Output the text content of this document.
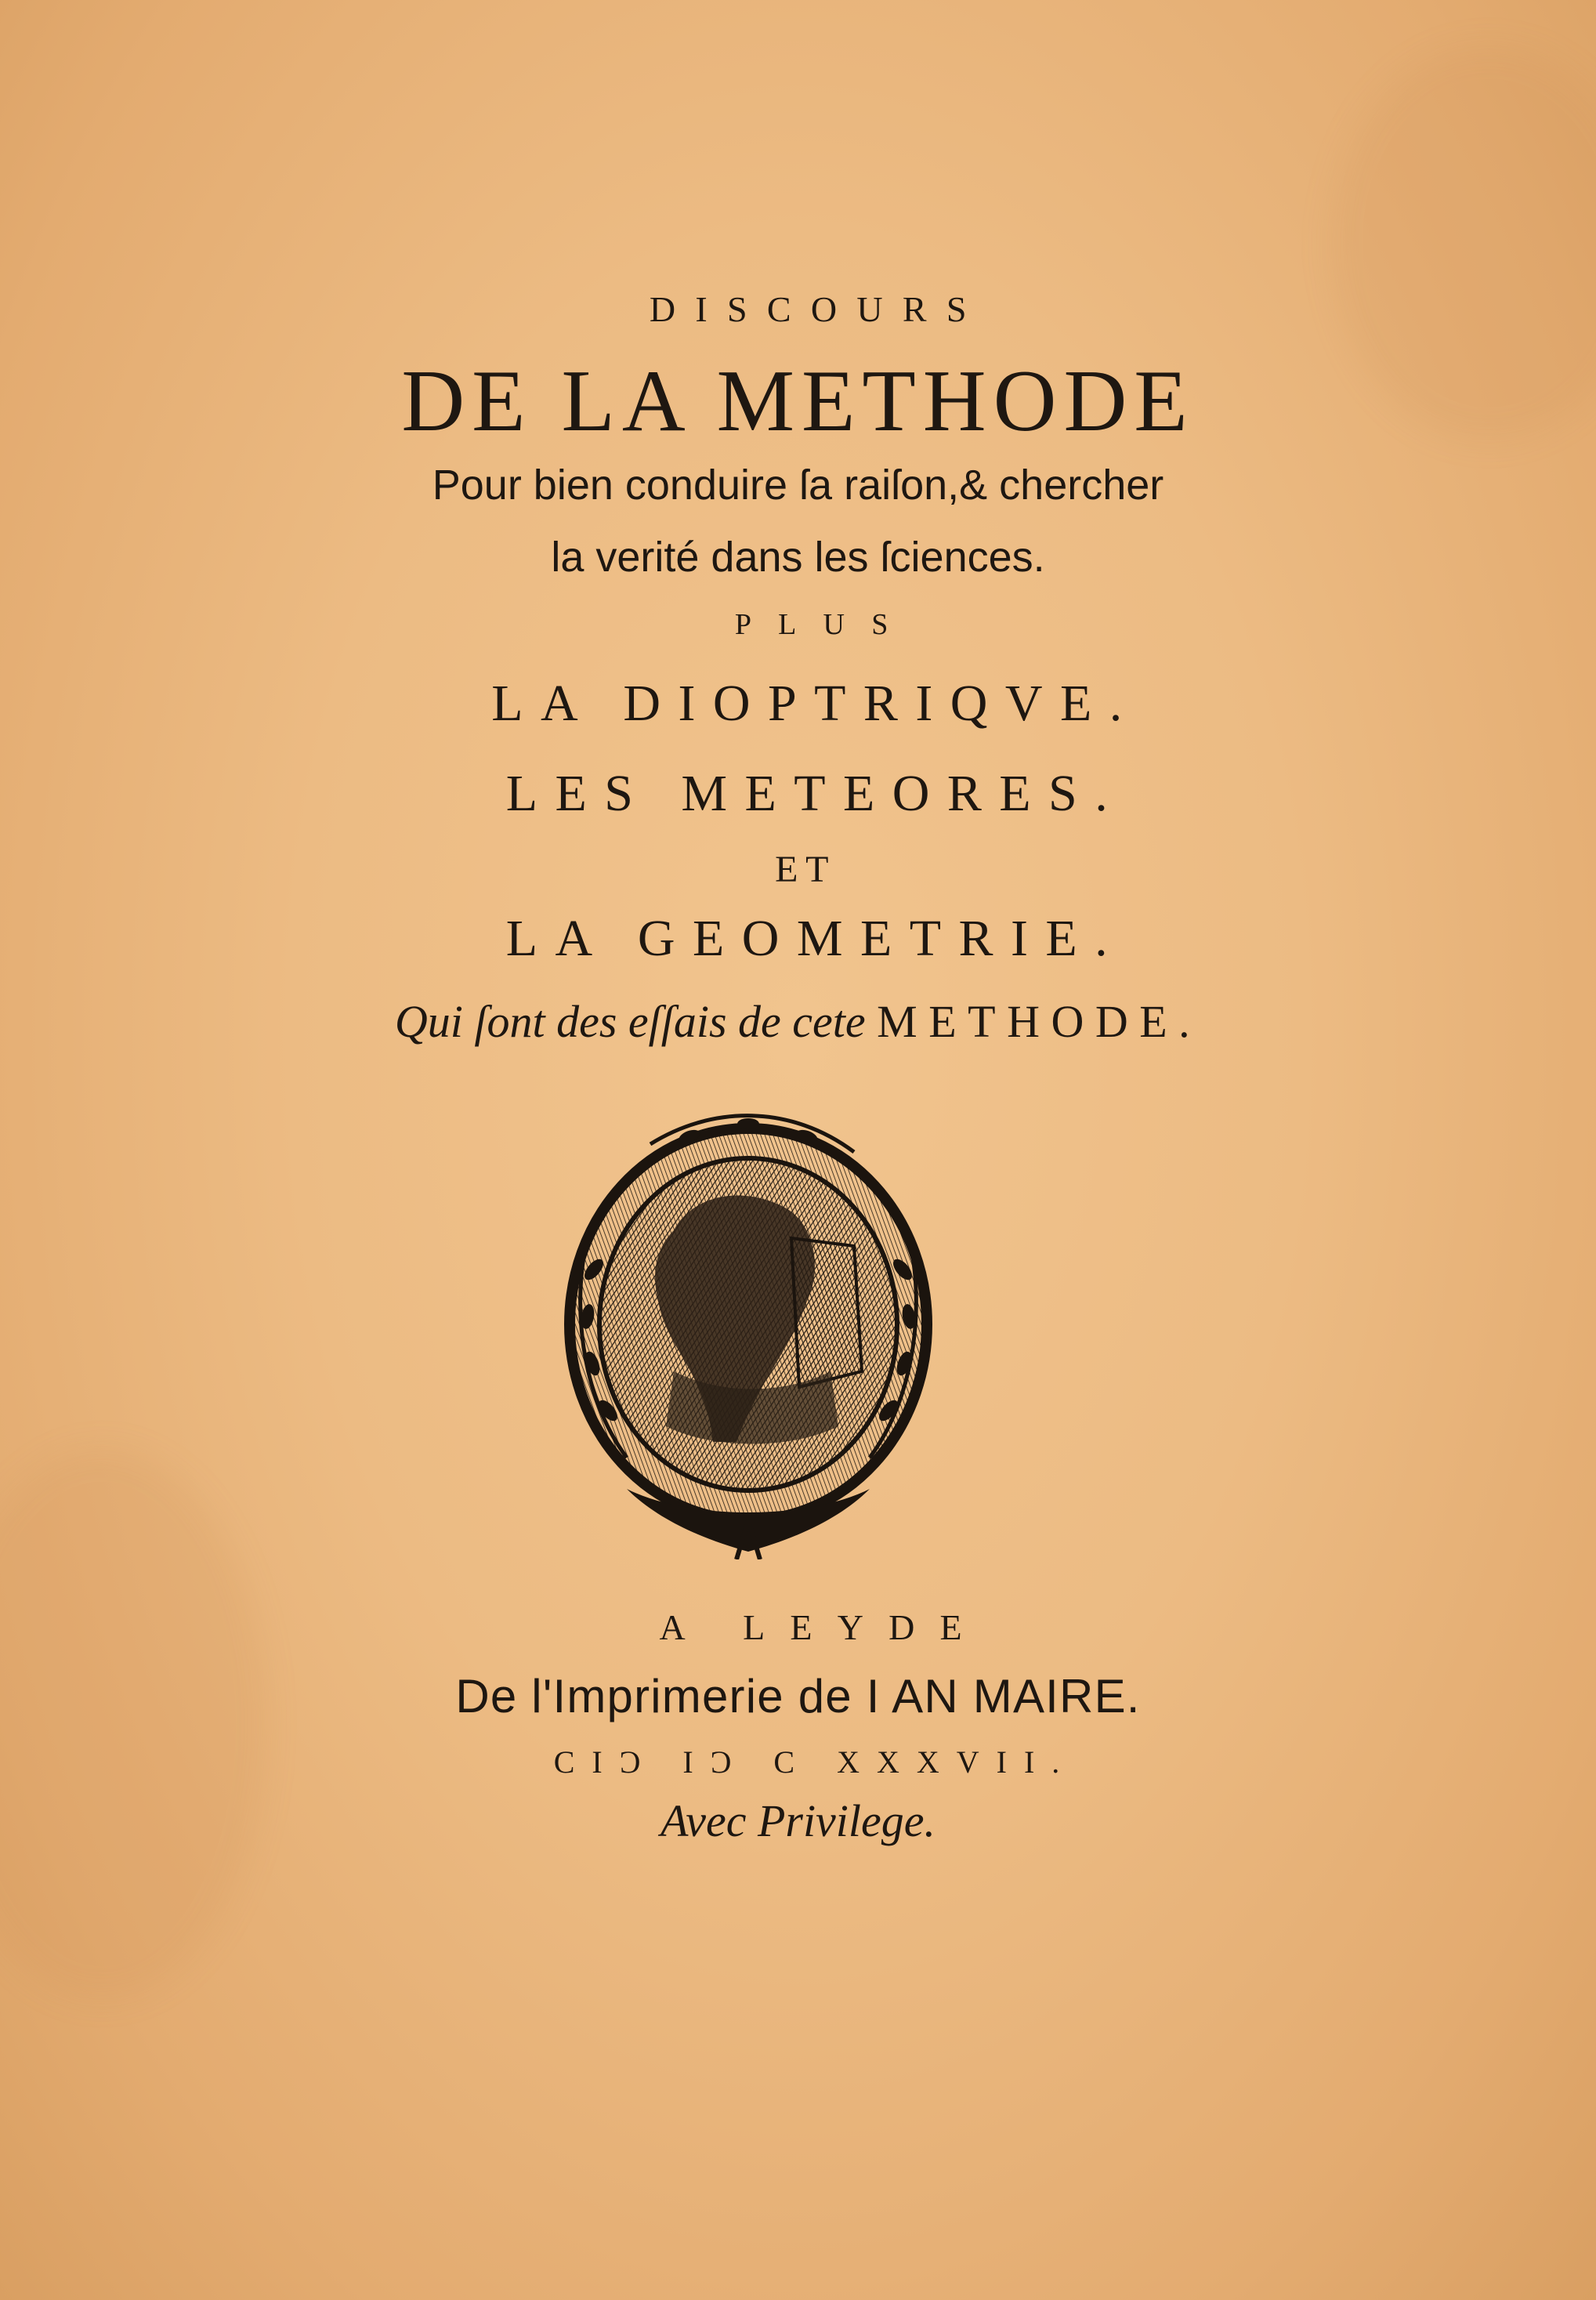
DISCOURS
DE LA METHODE
Pour bien conduire ſa raiſon,& chercher
la verité dans les ſciences.
PLUS
LA DIOPTRIQVE.
LES METEORES.
ET
LA GEOMETRIE.
Qui ſont des eſſais de cete METHODE.
A LEYDE
De l'Imprimerie de I AN MAIRE.
CIƆ IƆ C XXXVII.
Avec Privilege.
